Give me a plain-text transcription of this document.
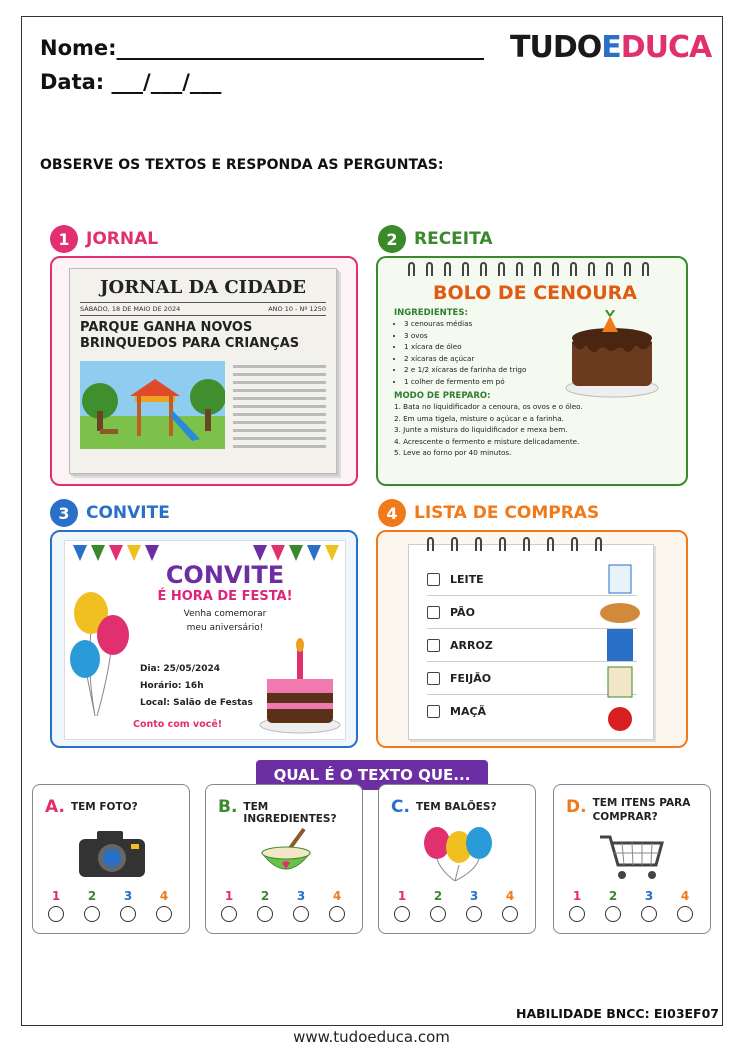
Nome:___________________________________
Data: ___/___/___
TUDOEDUCA
OBSERVE OS TEXTOS E RESPONDA AS PERGUNTAS:
1 JORNAL	2 RECEITA
3 CONVITE	4 LISTA DE COMPRAS
JORNAL DA CIDADE
SÁBADO, 18 DE MAIO DE 2024	ANO 10 - Nº 1250
PARQUE GANHA NOVOS BRINQUEDOS PARA CRIANÇAS
BOLO DE CENOURA
INGREDIENTES:
• 3 cenouras médias
• 3 ovos
• 1 xícara de óleo
• 2 xícaras de açúcar
• 2 e 1/2 xícaras de farinha de trigo
• 1 colher de fermento em pó
MODO DE PREPARO:
1. Bata no liquidificador a cenoura, os ovos e o óleo.
2. Em uma tigela, misture o açúcar e a farinha.
3. Junte a mistura do liquidificador e mexa bem.
4. Acrescente o fermento e misture delicadamente.
5. Leve ao forno por 40 minutos.
CONVITE
É HORA DE FESTA!
Venha comemorar
meu aniversário!
Dia: 25/05/2024
Horário: 16h
Local: Salão de Festas
Conto com você!
LEITE
PÃO
ARROZ
FEIJÃO
MAÇÃ
QUAL É O TEXTO QUE...
A. TEM FOTO?
1 2 3 4
B. TEM INGREDIENTES?
1 2 3 4
C. TEM BALÕES?
1 2 3 4
D. TEM ITENS PARA COMPRAR?
1 2 3 4
HABILIDADE BNCC: EI03EF07
www.tudoeduca.com
